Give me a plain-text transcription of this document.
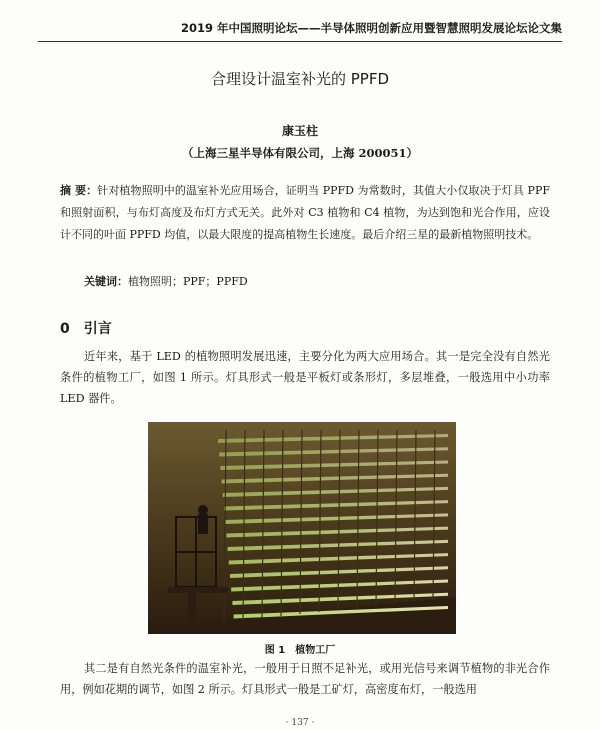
2019 年中国照明论坛——半导体照明创新应用暨智慧照明发展论坛论文集
合理设计温室补光的 PPFD
康玉柱
（上海三星半导体有限公司，上海 200051）
摘 要：针对植物照明中的温室补光应用场合，证明当 PPFD 为常数时，其值大小仅取决于灯具 PPF 和照射面积，与布灯高度及布灯方式无关。此外对 C3 植物和 C4 植物，为达到饱和光合作用，应设计不同的叶面 PPFD 均值，以最大限度的提高植物生长速度。最后介绍三星的最新植物照明技术。
关键词：植物照明；PPF；PPFD
0 引言
近年来，基于 LED 的植物照明发展迅速，主要分化为两大应用场合。其一是完全没有自然光条件的植物工厂，如图 1 所示。灯具形式一般是平板灯或条形灯，多层堆叠，一般选用中小功率 LED 器件。
图 1 植物工厂
其二是有自然光条件的温室补光，一般用于日照不足补光，或用光信号来调节植物的非光合作用，例如花期的调节，如图 2 所示。灯具形式一般是工矿灯，高密度布灯，一般选用
· 137 ·
